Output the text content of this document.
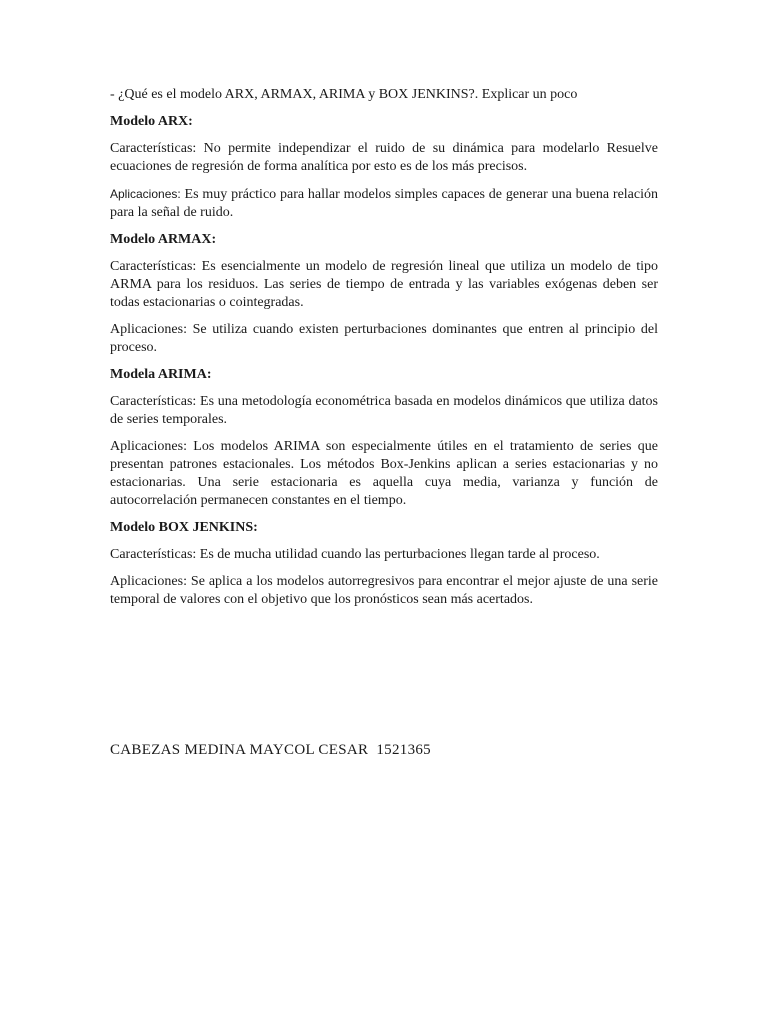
- ¿Qué es el modelo ARX, ARMAX, ARIMA y BOX JENKINS?. Explicar un poco

Modelo ARX:

Características: No permite independizar el ruido de su dinámica para modelarlo Resuelve ecuaciones de regresión de forma analítica por esto es de los más precisos.

Aplicaciones: Es muy práctico para hallar modelos simples capaces de generar una buena relación para la señal de ruido.

Modelo ARMAX:

Características: Es esencialmente un modelo de regresión lineal que utiliza un modelo de tipo ARMA para los residuos. Las series de tiempo de entrada y las variables exógenas deben ser todas estacionarias o cointegradas.

Aplicaciones: Se utiliza cuando existen perturbaciones dominantes que entren al principio del proceso.

Modela ARIMA:

Características: Es una metodología econométrica basada en modelos dinámicos que utiliza datos de series temporales.

Aplicaciones: Los modelos ARIMA son especialmente útiles en el tratamiento de series que presentan patrones estacionales. Los métodos Box-Jenkins aplican a series estacionarias y no estacionarias. Una serie estacionaria es aquella cuya media, varianza y función de autocorrelación permanecen constantes en el tiempo.

Modelo BOX JENKINS:

Características: Es de mucha utilidad cuando las perturbaciones llegan tarde al proceso.

Aplicaciones: Se aplica a los modelos autorregresivos para encontrar el mejor ajuste de una serie temporal de valores con el objetivo que los pronósticos sean más acertados.

CABEZAS MEDINA MAYCOL CESAR  1521365
